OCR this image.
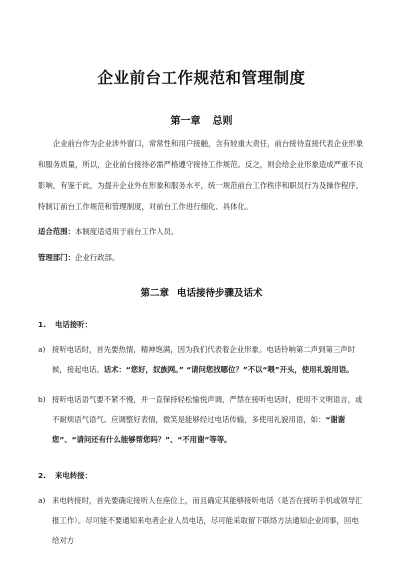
企业前台工作规范和管理制度
第一章 总则

企业前台作为企业涉外窗口，常常性和用户接触，含有较重大责任，前台接待直接代表企业形象和服务质量，所以，企业前台接待必需严格遵守接待工作规范。反之，则会给企业形象造成严重不良影响，有鉴于此，为提升企业外在形象和服务水平，统一规范前台工作秩序和职员行为及操作程序，特制订前台工作规范和管理制度，对前台工作进行细化、具体化。

适合范围：本制度适适用于前台工作人员。

管理部门：企业行政部。

第二章 电话接待步骤及话术
1. 电话接听：
a) 接听电话时，首先要热情，精神饱满，因为我们代表着企业形象。电话铃响第二声到第三声时候，接起电话。话术：“您好，奴族网。” “请问您找哪位？”不以“喂”开头，使用礼貌用语。
b) 接听电话语气要不紧不慢，并一直保持轻松愉悦声调，严禁在接听电话时，使用不文明语言，或不耐烦语气语气。应调整好表情，微笑是能够经过电话传输，多使用礼貌用语，如：“谢谢您”、“请问还有什么能够帮您吗？”、“不用谢”等等。
2. 来电转接：
a) 来电转接时，首先要确定接听人在座位上，而且确定其能够接听电话（是否在接听手机或领导汇报工作）。尽可能不要通知来电者企业人员电话，尽可能采取留下联络方法通知企业同事，回电给对方
